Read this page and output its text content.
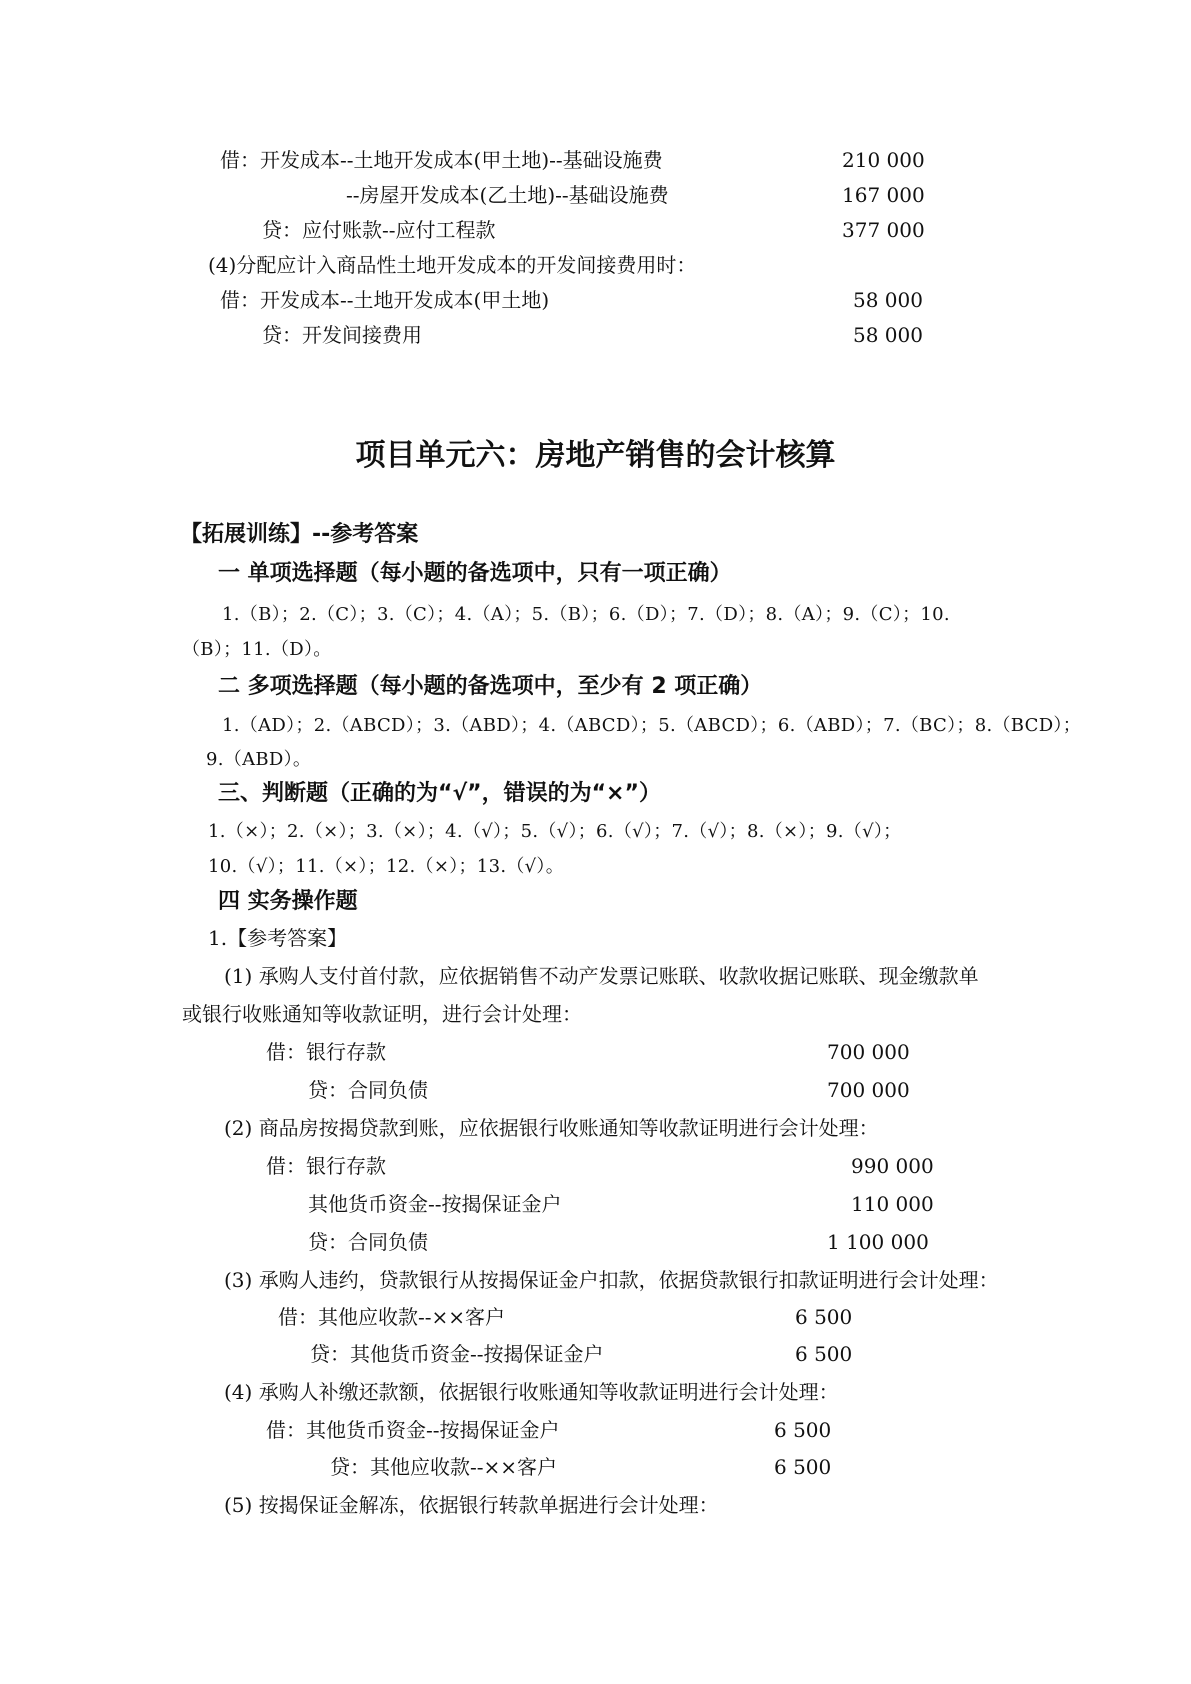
借：开发成本--土地开发成本(甲土地)--基础设施费	210 000
--房屋开发成本(乙土地)--基础设施费	167 000
贷：应付账款--应付工程款	377 000
(4)分配应计入商品性土地开发成本的开发间接费用时：
借：开发成本--土地开发成本(甲土地)	58 000
贷：开发间接费用	58 000
项目单元六：房地产销售的会计核算
【拓展训练】--参考答案
一 单项选择题（每小题的备选项中，只有一项正确）
1.（B）；2.（C）；3.（C）；4.（A）；5.（B）；6.（D）；7.（D）；8.（A）；9.（C）；10.
（B）；11.（D）。
二 多项选择题（每小题的备选项中，至少有 2 项正确）
1.（AD）；2.（ABCD）；3.（ABD）；4.（ABCD）；5.（ABCD）；6.（ABD）；7.（BC）；8.（BCD）；
9.（ABD）。
三、判断题（正确的为“√”，错误的为“×”）
1.（×）；2.（×）；3.（×）；4.（√）；5.（√）；6.（√）；7.（√）；8.（×）；9.（√）；
10.（√）；11.（×）；12.（×）；13.（√）。
四 实务操作题
1.【参考答案】
(1) 承购人支付首付款，应依据销售不动产发票记账联、收款收据记账联、现金缴款单
或银行收账通知等收款证明，进行会计处理：
借：银行存款	700 000
贷：合同负债	700 000
(2) 商品房按揭贷款到账，应依据银行收账通知等收款证明进行会计处理：
借：银行存款	990 000
其他货币资金--按揭保证金户	110 000
贷：合同负债	1 100 000
(3) 承购人违约，贷款银行从按揭保证金户扣款，依据贷款银行扣款证明进行会计处理：
借：其他应收款--××客户	6 500
贷：其他货币资金--按揭保证金户	6 500
(4) 承购人补缴还款额，依据银行收账通知等收款证明进行会计处理：
借：其他货币资金--按揭保证金户	6 500
贷：其他应收款--××客户	6 500
(5) 按揭保证金解冻，依据银行转款单据进行会计处理：
